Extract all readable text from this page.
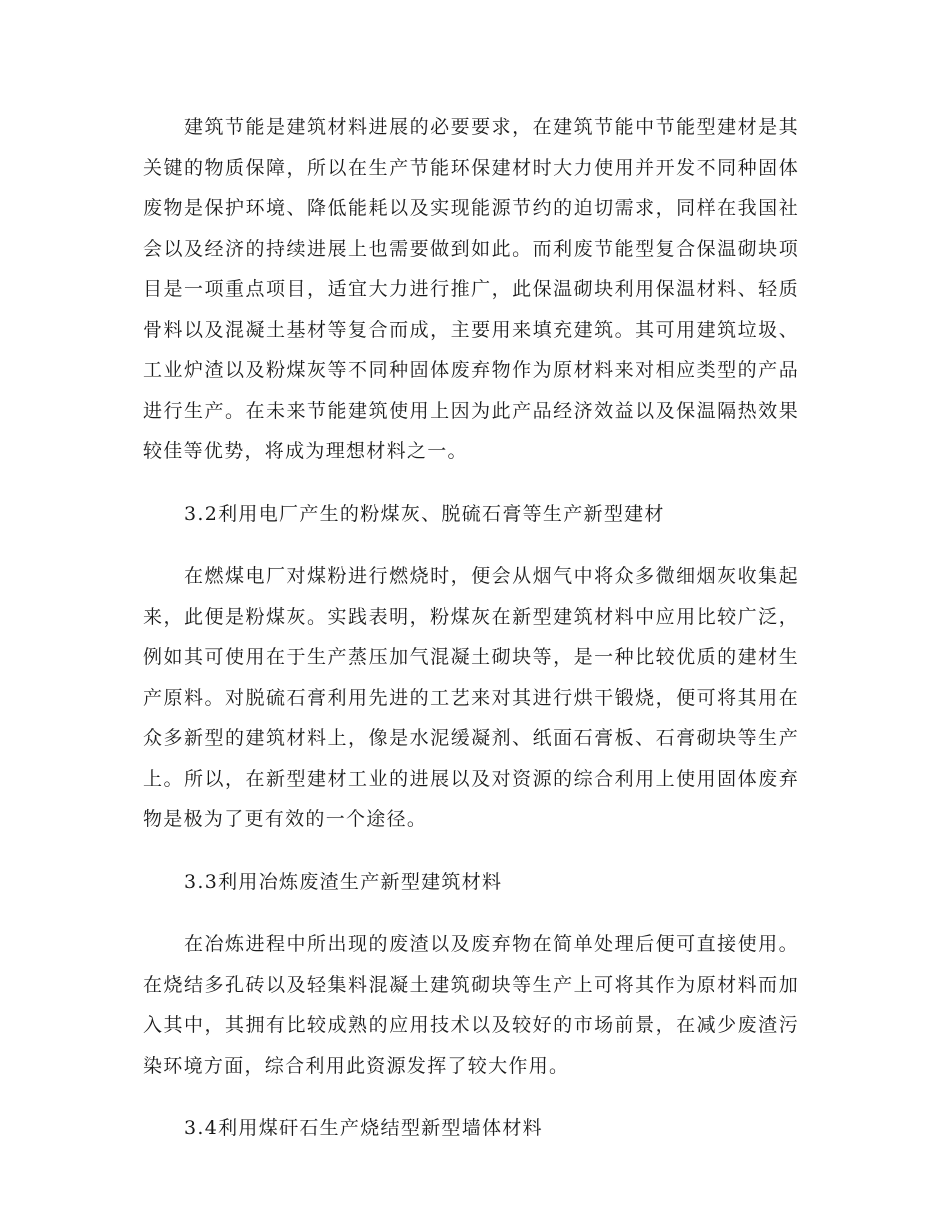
建筑节能是建筑材料进展的必要要求，在建筑节能中节能型建材是其关键的物质保障，所以在生产节能环保建材时大力使用并开发不同种固体废物是保护环境、降低能耗以及实现能源节约的迫切需求，同样在我国社会以及经济的持续进展上也需要做到如此。而利废节能型复合保温砌块项目是一项重点项目，适宜大力进行推广，此保温砌块利用保温材料、轻质骨料以及混凝土基材等复合而成，主要用来填充建筑。其可用建筑垃圾、工业炉渣以及粉煤灰等不同种固体废弃物作为原材料来对相应类型的产品进行生产。在未来节能建筑使用上因为此产品经济效益以及保温隔热效果较佳等优势，将成为理想材料之一。

3.2利用电厂产生的粉煤灰、脱硫石膏等生产新型建材

在燃煤电厂对煤粉进行燃烧时，便会从烟气中将众多微细烟灰收集起来，此便是粉煤灰。实践表明，粉煤灰在新型建筑材料中应用比较广泛，例如其可使用在于生产蒸压加气混凝土砌块等，是一种比较优质的建材生产原料。对脱硫石膏利用先进的工艺来对其进行烘干锻烧，便可将其用在众多新型的建筑材料上，像是水泥缓凝剂、纸面石膏板、石膏砌块等生产上。所以，在新型建材工业的进展以及对资源的综合利用上使用固体废弃物是极为了更有效的一个途径。

3.3利用冶炼废渣生产新型建筑材料

在冶炼进程中所出现的废渣以及废弃物在简单处理后便可直接使用。在烧结多孔砖以及轻集料混凝土建筑砌块等生产上可将其作为原材料而加入其中，其拥有比较成熟的应用技术以及较好的市场前景，在减少废渣污染环境方面，综合利用此资源发挥了较大作用。

3.4利用煤矸石生产烧结型新型墙体材料
